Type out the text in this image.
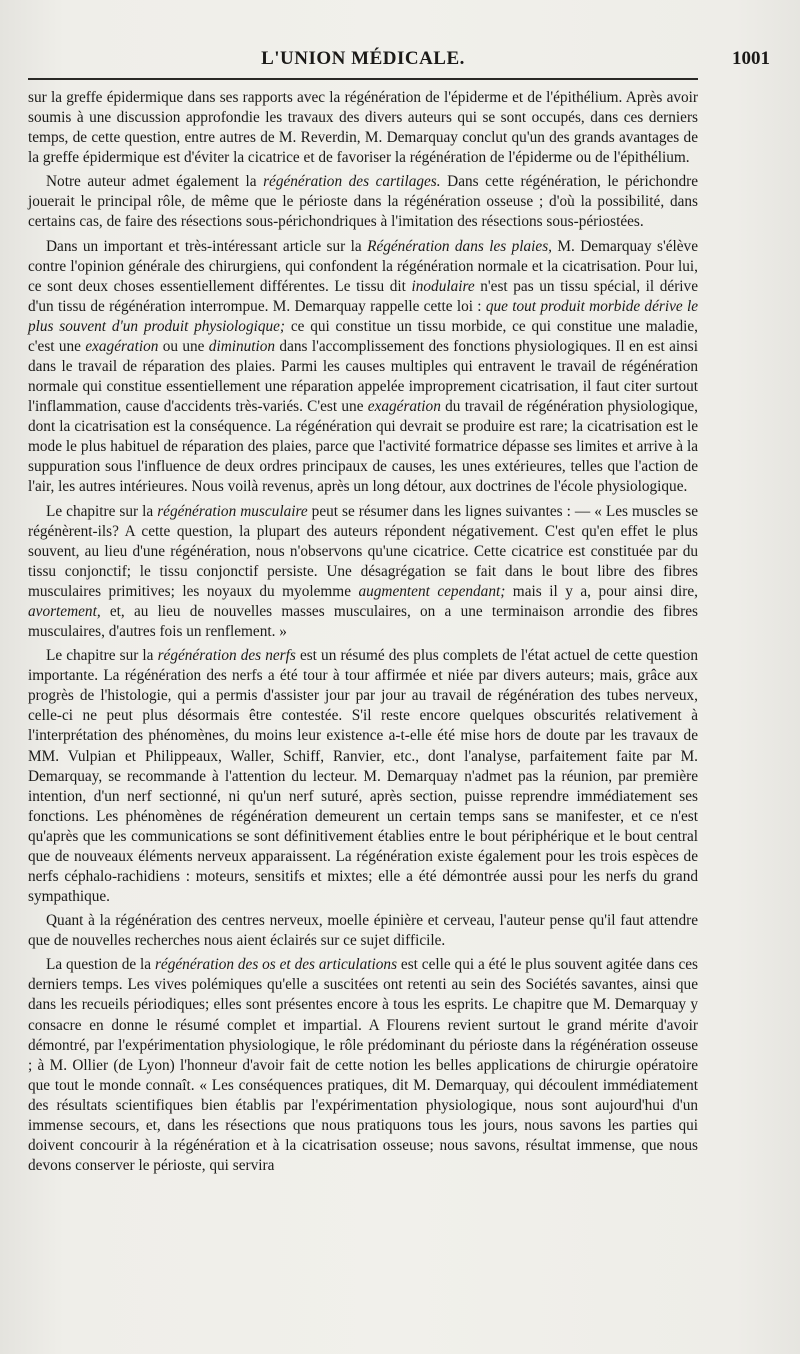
L'UNION MÉDICALE.	1001

sur la greffe épidermique dans ses rapports avec la régénération de l'épiderme et de l'épithélium. Après avoir soumis à une discussion approfondie les travaux des divers auteurs qui se sont occupés, dans ces derniers temps, de cette question, entre autres de M. Reverdin, M. Demarquay conclut qu'un des grands avantages de la greffe épidermique est d'éviter la cicatrice et de favoriser la régénération de l'épiderme ou de l'épithélium.

Notre auteur admet également la régénération des cartilages. Dans cette régénération, le périchondre jouerait le principal rôle, de même que le périoste dans la régénération osseuse ; d'où la possibilité, dans certains cas, de faire des résections sous-périchondriques à l'imitation des résections sous-périostées.

Dans un important et très-intéressant article sur la Régénération dans les plaies, M. Demarquay s'élève contre l'opinion générale des chirurgiens, qui confondent la régénération normale et la cicatrisation. Pour lui, ce sont deux choses essentiellement différentes. Le tissu dit inodulaire n'est pas un tissu spécial, il dérive d'un tissu de régénération interrompue. M. Demarquay rappelle cette loi : que tout produit morbide dérive le plus souvent d'un produit physiologique; ce qui constitue un tissu morbide, ce qui constitue une maladie, c'est une exagération ou une diminution dans l'accomplissement des fonctions physiologiques. Il en est ainsi dans le travail de réparation des plaies. Parmi les causes multiples qui entravent le travail de régénération normale qui constitue essentiellement une réparation appelée improprement cicatrisation, il faut citer surtout l'inflammation, cause d'accidents très-variés. C'est une exagération du travail de régénération physiologique, dont la cicatrisation est la conséquence. La régénération qui devrait se produire est rare; la cicatrisation est le mode le plus habituel de réparation des plaies, parce que l'activité formatrice dépasse ses limites et arrive à la suppuration sous l'influence de deux ordres principaux de causes, les unes extérieures, telles que l'action de l'air, les autres intérieures. Nous voilà revenus, après un long détour, aux doctrines de l'école physiologique.

Le chapitre sur la régénération musculaire peut se résumer dans les lignes suivantes : — « Les muscles se régénèrent-ils? A cette question, la plupart des auteurs répondent négativement. C'est qu'en effet le plus souvent, au lieu d'une régénération, nous n'observons qu'une cicatrice. Cette cicatrice est constituée par du tissu conjonctif; le tissu conjonctif persiste. Une désagrégation se fait dans le bout libre des fibres musculaires primitives; les noyaux du myolemme augmentent cependant; mais il y a, pour ainsi dire, avortement, et, au lieu de nouvelles masses musculaires, on a une terminaison arrondie des fibres musculaires, d'autres fois un renflement. »

Le chapitre sur la régénération des nerfs est un résumé des plus complets de l'état actuel de cette question importante. La régénération des nerfs a été tour à tour affirmée et niée par divers auteurs; mais, grâce aux progrès de l'histologie, qui a permis d'assister jour par jour au travail de régénération des tubes nerveux, celle-ci ne peut plus désormais être contestée. S'il reste encore quelques obscurités relativement à l'interprétation des phénomènes, du moins leur existence a-t-elle été mise hors de doute par les travaux de MM. Vulpian et Philippeaux, Waller, Schiff, Ranvier, etc., dont l'analyse, parfaitement faite par M. Demarquay, se recommande à l'attention du lecteur. M. Demarquay n'admet pas la réunion, par première intention, d'un nerf sectionné, ni qu'un nerf suturé, après section, puisse reprendre immédiatement ses fonctions. Les phénomènes de régénération demeurent un certain temps sans se manifester, et ce n'est qu'après que les communications se sont définitivement établies entre le bout périphérique et le bout central que de nouveaux éléments nerveux apparaissent. La régénération existe également pour les trois espèces de nerfs céphalo-rachidiens : moteurs, sensitifs et mixtes; elle a été démontrée aussi pour les nerfs du grand sympathique.

Quant à la régénération des centres nerveux, moelle épinière et cerveau, l'auteur pense qu'il faut attendre que de nouvelles recherches nous aient éclairés sur ce sujet difficile.

La question de la régénération des os et des articulations est celle qui a été le plus souvent agitée dans ces derniers temps. Les vives polémiques qu'elle a suscitées ont retenti au sein des Sociétés savantes, ainsi que dans les recueils périodiques; elles sont présentes encore à tous les esprits. Le chapitre que M. Demarquay y consacre en donne le résumé complet et impartial. A Flourens revient surtout le grand mérite d'avoir démontré, par l'expérimentation physiologique, le rôle prédominant du périoste dans la régénération osseuse ; à M. Ollier (de Lyon) l'honneur d'avoir fait de cette notion les belles applications de chirurgie opératoire que tout le monde connaît. « Les conséquences pratiques, dit M. Demarquay, qui découlent immédiatement des résultats scientifiques bien établis par l'expérimentation physiologique, nous sont aujourd'hui d'un immense secours, et, dans les résections que nous pratiquons tous les jours, nous savons les parties qui doivent concourir à la régénération et à la cicatrisation osseuse; nous savons, résultat immense, que nous devons conserver le périoste, qui servira
